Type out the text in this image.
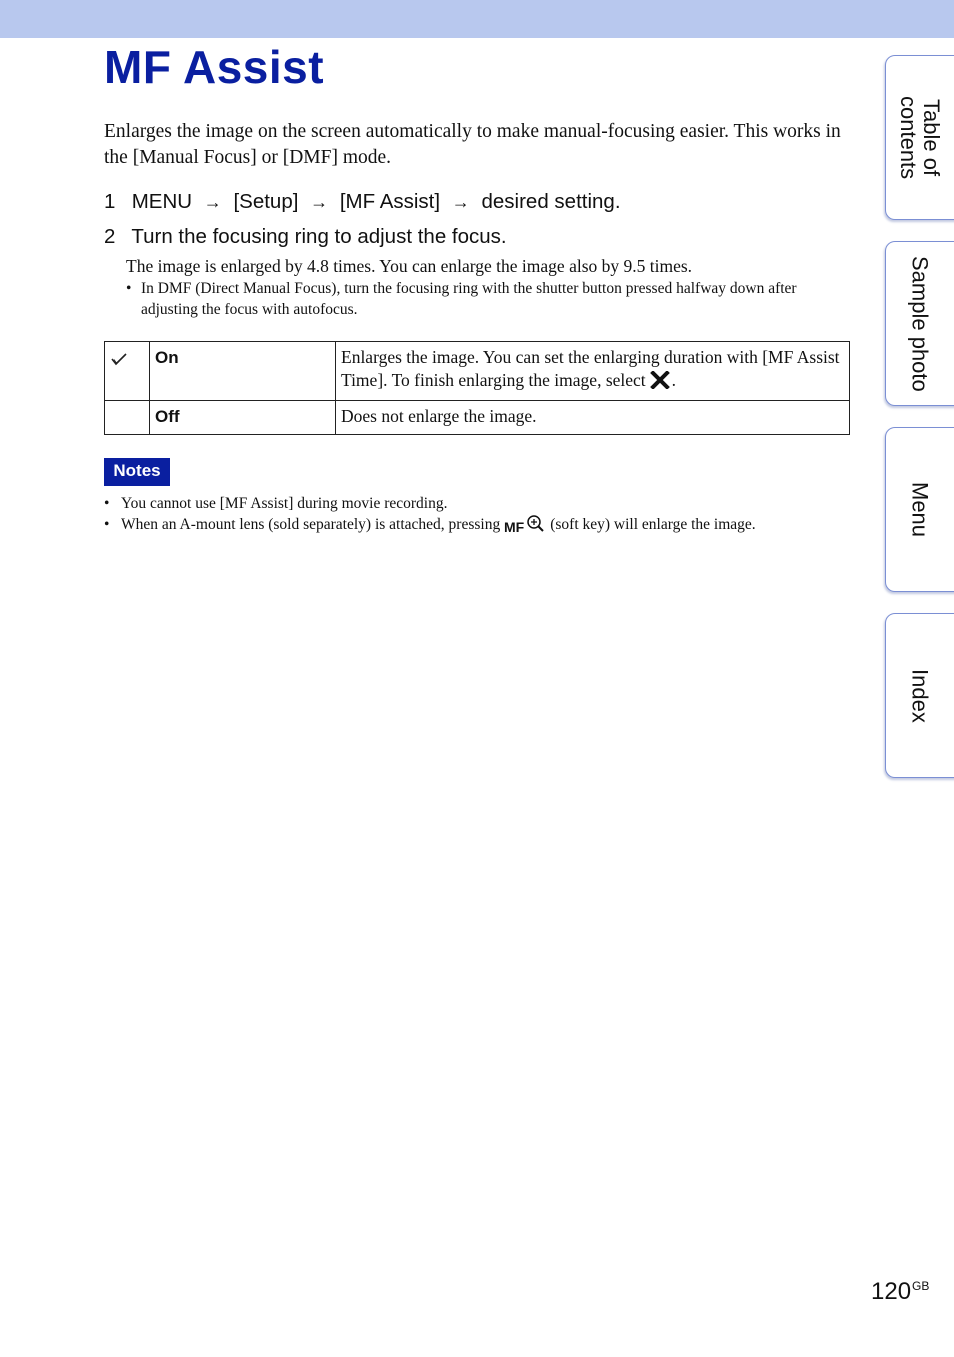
MF Assist

Enlarges the image on the screen automatically to make manual-focusing easier. This works in the [Manual Focus] or [DMF] mode.

1 MENU → [Setup] → [MF Assist] → desired setting.

2 Turn the focusing ring to adjust the focus.

The image is enlarged by 4.8 times. You can enlarge the image also by 9.5 times.

• In DMF (Direct Manual Focus), turn the focusing ring with the shutter button pressed halfway down after adjusting the focus with autofocus.

	On	Enlarges the image. You can set the enlarging duration with [MF Assist Time]. To finish enlarging the image, select .
	Off	Does not enlarge the image.
Notes

• You cannot use [MF Assist] during movie recording.

• When an A-mount lens (sold separately) is attached, pressing MF (soft key) will enlarge the image.

Table of contents
Sample photo
Menu
Index
$120^{GB}$
